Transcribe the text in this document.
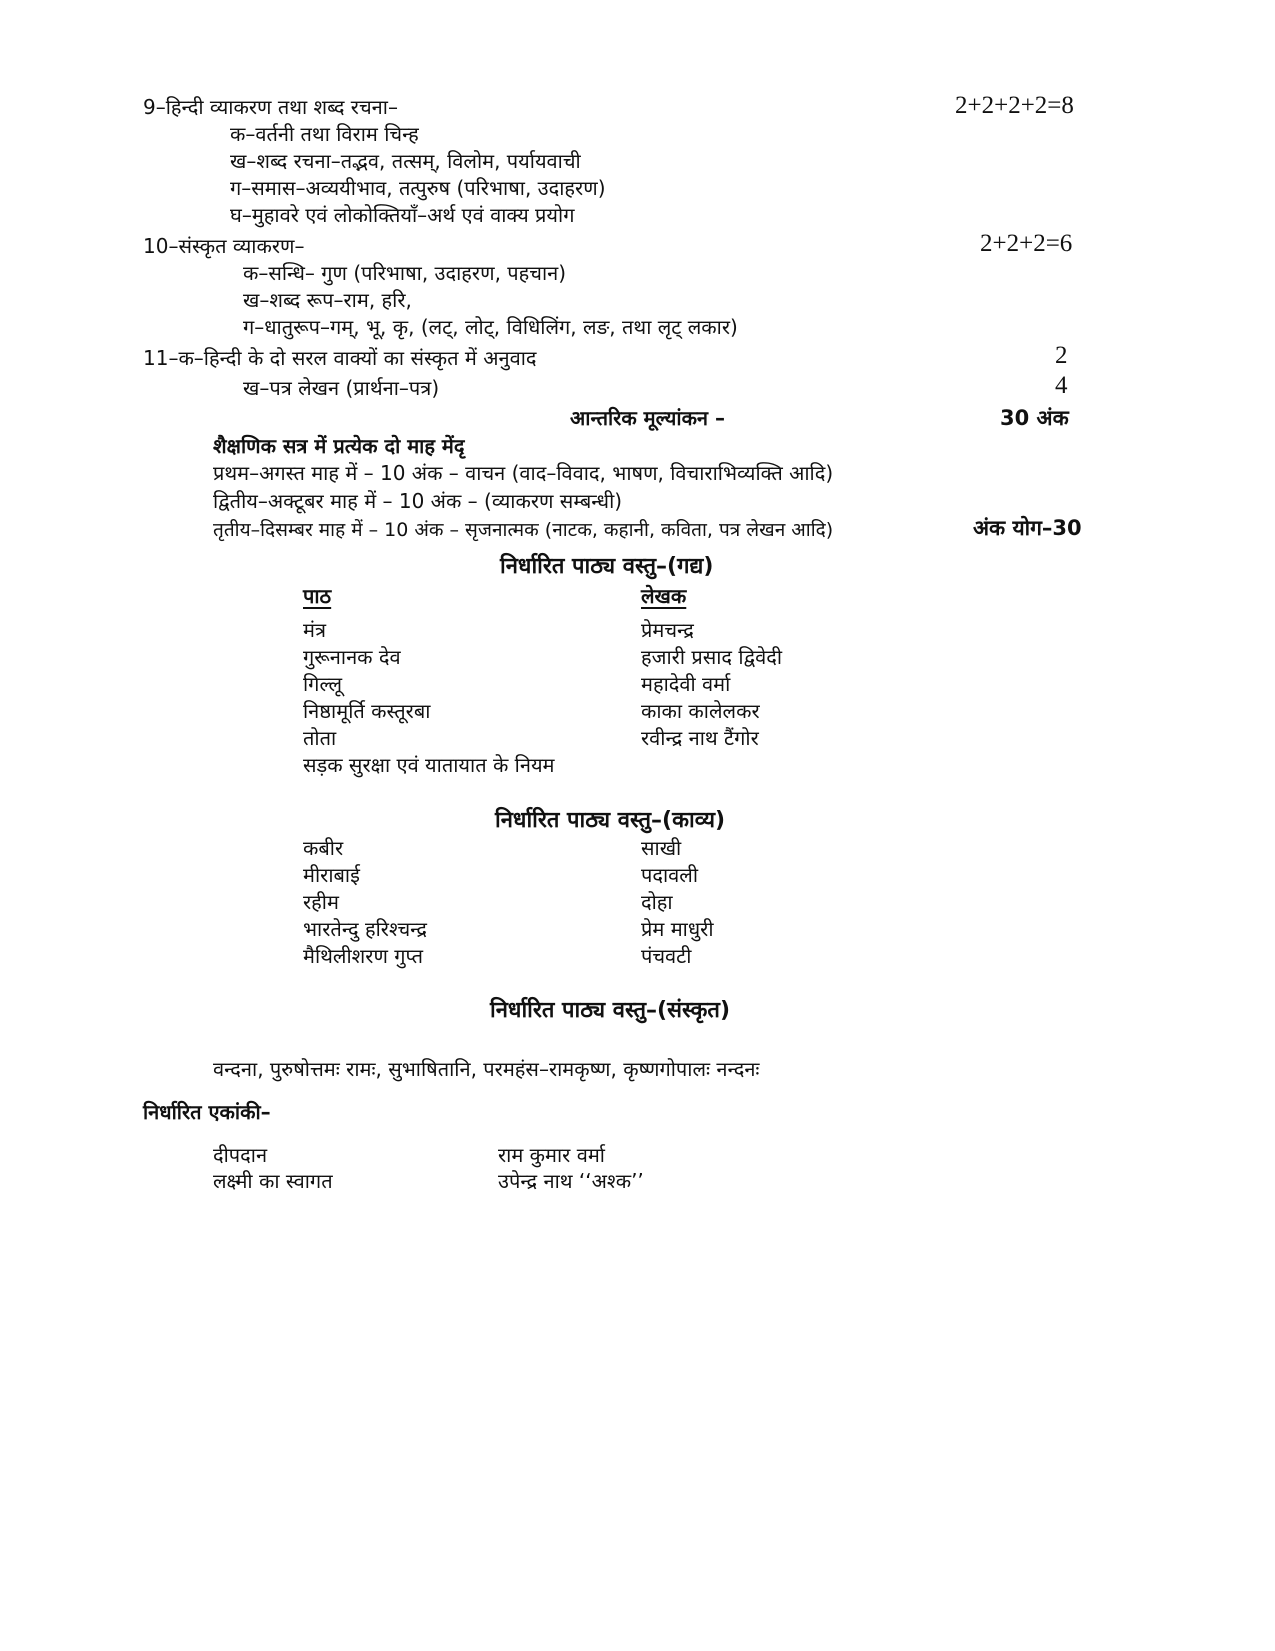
9–हिन्दी व्याकरण तथा शब्द रचना–	2+2+2+2=8
क–वर्तनी तथा विराम चिन्ह
ख–शब्द रचना–तद्भव, तत्सम्, विलोम, पर्यायवाची
ग–समास–अव्ययीभाव, तत्पुरुष (परिभाषा, उदाहरण)
घ–मुहावरे एवं लोकोक्तियाँ–अर्थ एवं वाक्य प्रयोग
10–संस्कृत व्याकरण–	2+2+2=6
क–सन्धि– गुण (परिभाषा, उदाहरण, पहचान)
ख–शब्द रूप–राम, हरि,
ग–धातुरूप–गम्, भू, कृ, (लट्, लोट्, विधिलिंग, लङ, तथा लृट् लकार)
11–क–हिन्दी के दो सरल वाक्यों का संस्कृत में अनुवाद	2
ख–पत्र लेखन (प्रार्थना–पत्र)	4
आन्तरिक मूल्यांकन –	30 अंक
शैक्षणिक सत्र में प्रत्येक दो माह मेंदृ
प्रथम–अगस्त माह में – 10 अंक – वाचन (वाद–विवाद, भाषण, विचाराभिव्यक्ति आदि)
द्वितीय–अक्टूबर माह में – 10 अंक – (व्याकरण सम्बन्धी)
तृतीय–दिसम्बर माह में – 10 अंक – सृजनात्मक (नाटक, कहानी, कविता, पत्र लेखन आदि)	अंक योग–30
निर्धारित पाठ्य वस्तु–(गद्य)
पाठ	लेखक
मंत्र	प्रेमचन्द्र
गुरूनानक देव	हजारी प्रसाद द्विवेदी
गिल्लू	महादेवी वर्मा
निष्ठामूर्ति कस्तूरबा	काका कालेलकर
तोता	रवीन्द्र नाथ टैंगोर
सड़क सुरक्षा एवं यातायात के नियम
निर्धारित पाठ्य वस्तु–(काव्य)
कबीर	साखी
मीराबाई	पदावली
रहीम	दोहा
भारतेन्दु हरिश्चन्द्र	प्रेम माधुरी
मैथिलीशरण गुप्त	पंचवटी
निर्धारित पाठ्य वस्तु–(संस्कृत)
वन्दना, पुरुषोत्तमः रामः, सुभाषितानि, परमहंस–रामकृष्ण, कृष्णगोपालः नन्दनः
निर्धारित एकांकी–
दीपदान	राम कुमार वर्मा
लक्ष्मी का स्वागत	उपेन्द्र नाथ ‘‘अश्क’’
